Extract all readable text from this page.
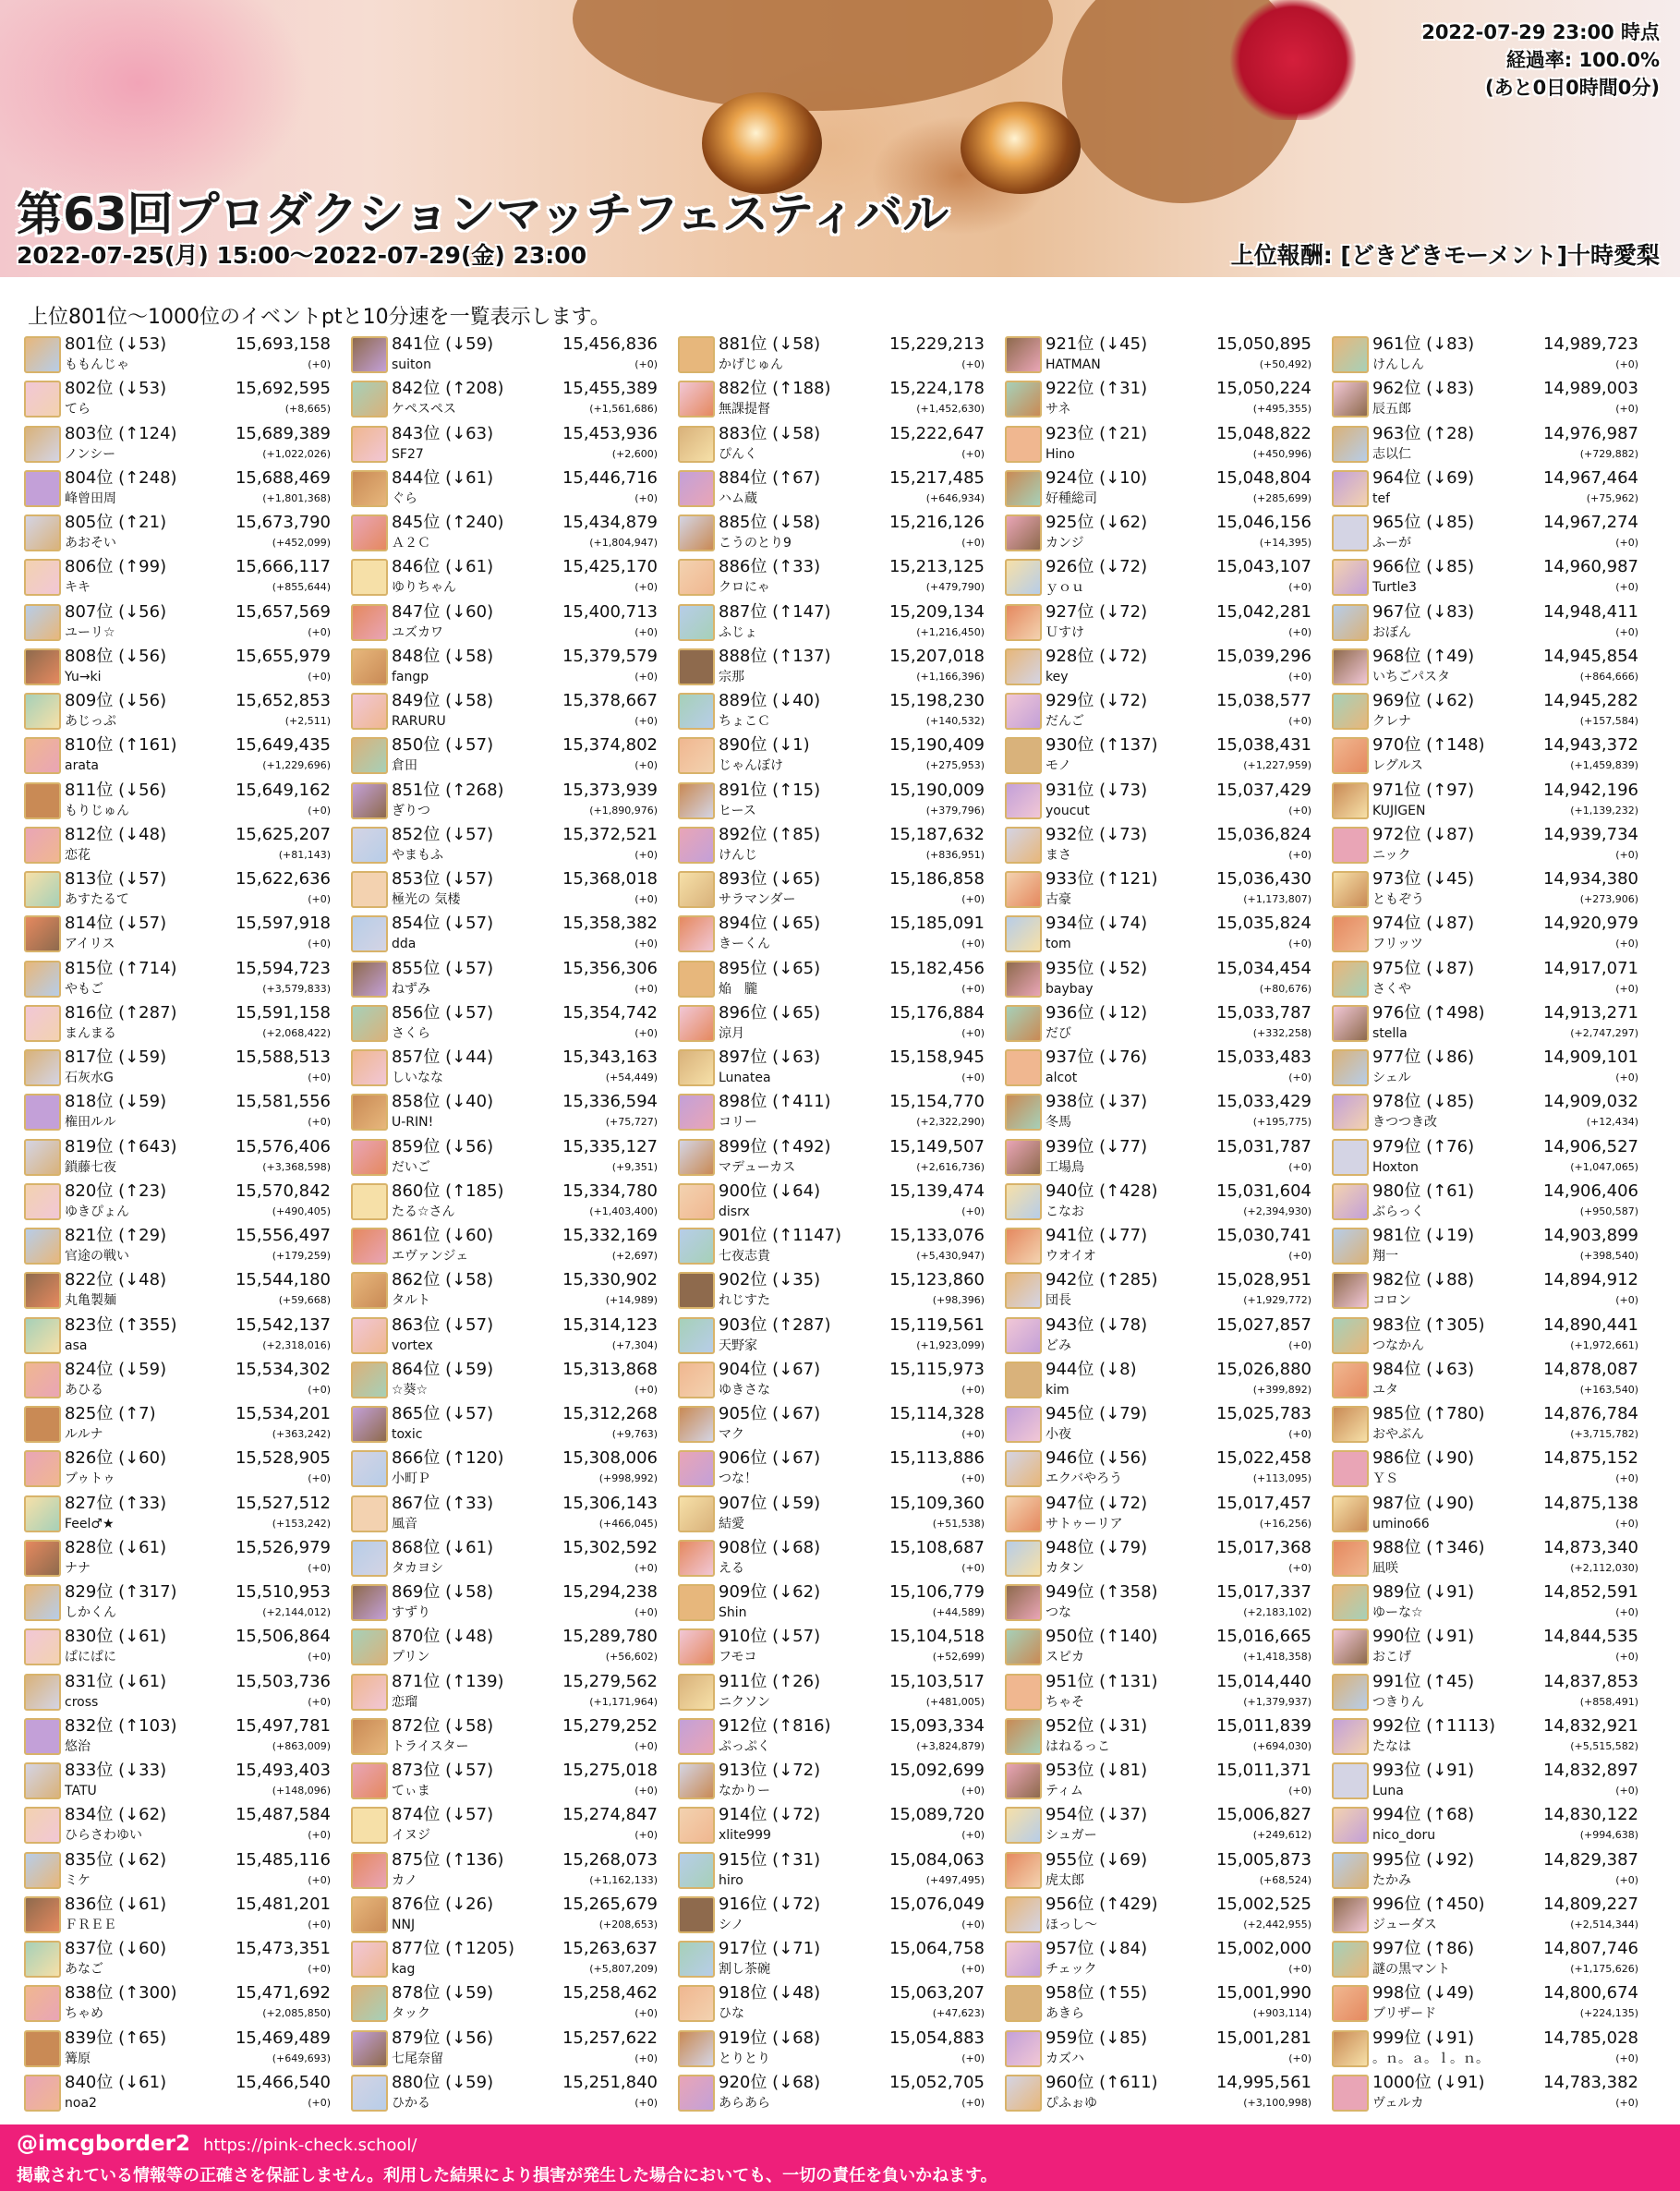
第63回プロダクションマッチフェスティバル
2022-07-25(月) 15:00〜2022-07-29(金) 23:00	上位報酬: [どきどきモーメント]十時愛梨
2022-07-29 23:00 時点
経過率: 100.0%
(あと0日0時間0分)
上位801位〜1000位のイベントptと10分速を一覧表示します。
801位 (↓53)
ももんじゃ
15,693,158
(+0)
802位 (↓53)
てら
15,692,595
(+8,665)
803位 (↑124)
ノンシー
15,689,389
(+1,022,026)
804位 (↑248)
峰曾田周
15,688,469
(+1,801,368)
805位 (↑21)
あおそい
15,673,790
(+452,099)
806位 (↑99)
キキ
15,666,117
(+855,644)
807位 (↓56)
ユーリ☆
15,657,569
(+0)
808位 (↓56)
Yu→ki
15,655,979
(+0)
809位 (↓56)
あじっぷ
15,652,853
(+2,511)
810位 (↑161)
arata
15,649,435
(+1,229,696)
811位 (↓56)
もりじゅん
15,649,162
(+0)
812位 (↓48)
恋花
15,625,207
(+81,143)
813位 (↓57)
あすたるて
15,622,636
(+0)
814位 (↓57)
アイリス
15,597,918
(+0)
815位 (↑714)
やもご
15,594,723
(+3,579,833)
816位 (↑287)
まんまる
15,591,158
(+2,068,422)
817位 (↓59)
石灰水G
15,588,513
(+0)
818位 (↓59)
権田ルル
15,581,556
(+0)
819位 (↑643)
鎖藤七夜
15,576,406
(+3,368,598)
820位 (↑23)
ゆきぴょん
15,570,842
(+490,405)
821位 (↑29)
官途の戦い
15,556,497
(+179,259)
822位 (↓48)
丸亀製麺
15,544,180
(+59,668)
823位 (↑355)
asa
15,542,137
(+2,318,016)
824位 (↓59)
あひる
15,534,302
(+0)
825位 (↑7)
ルルナ
15,534,201
(+363,242)
826位 (↓60)
ブゥトゥ
15,528,905
(+0)
827位 (↑33)
Feel♂★
15,527,512
(+153,242)
828位 (↓61)
ナナ
15,526,979
(+0)
829位 (↑317)
しかくん
15,510,953
(+2,144,012)
830位 (↓61)
ぱにぱに
15,506,864
(+0)
831位 (↓61)
cross
15,503,736
(+0)
832位 (↑103)
悠治
15,497,781
(+863,009)
833位 (↓33)
TATU
15,493,403
(+148,096)
834位 (↓62)
ひらさわゆい
15,487,584
(+0)
835位 (↓62)
ミケ
15,485,116
(+0)
836位 (↓61)
ＦＲＥＥ
15,481,201
(+0)
837位 (↓60)
あなご
15,473,351
(+0)
838位 (↑300)
ちゃめ
15,471,692
(+2,085,850)
839位 (↑65)
篝原
15,469,489
(+649,693)
840位 (↓61)
noa2
15,466,540
(+0)
841位 (↓59)
suiton
15,456,836
(+0)
842位 (↑208)
ケペスペス
15,455,389
(+1,561,686)
843位 (↓63)
SF27
15,453,936
(+2,600)
844位 (↓61)
ぐら
15,446,716
(+0)
845位 (↑240)
Ａ２Ｃ
15,434,879
(+1,804,947)
846位 (↓61)
ゆりちゃん
15,425,170
(+0)
847位 (↓60)
ユズカワ
15,400,713
(+0)
848位 (↓58)
fangp
15,379,579
(+0)
849位 (↓58)
RARURU
15,378,667
(+0)
850位 (↓57)
倉田
15,374,802
(+0)
851位 (↑268)
ぎりつ
15,373,939
(+1,890,976)
852位 (↓57)
やまもふ
15,372,521
(+0)
853位 (↓57)
極光の 気楼
15,368,018
(+0)
854位 (↓57)
dda
15,358,382
(+0)
855位 (↓57)
ねずみ
15,356,306
(+0)
856位 (↓57)
さくら
15,354,742
(+0)
857位 (↓44)
しいなな
15,343,163
(+54,449)
858位 (↓40)
U-RIN!
15,336,594
(+75,727)
859位 (↓56)
だいご
15,335,127
(+9,351)
860位 (↑185)
たる☆さん
15,334,780
(+1,403,400)
861位 (↓60)
エヴァンジェ
15,332,169
(+2,697)
862位 (↓58)
タルト
15,330,902
(+14,989)
863位 (↓57)
vortex
15,314,123
(+7,304)
864位 (↓59)
☆葵☆
15,313,868
(+0)
865位 (↓57)
toxic
15,312,268
(+9,763)
866位 (↑120)
小町Ｐ
15,308,006
(+998,992)
867位 (↑33)
風音
15,306,143
(+466,045)
868位 (↓61)
タカヨシ
15,302,592
(+0)
869位 (↓58)
すずり
15,294,238
(+0)
870位 (↓48)
プリン
15,289,780
(+56,602)
871位 (↑139)
恋瑠
15,279,562
(+1,171,964)
872位 (↓58)
トライスター
15,279,252
(+0)
873位 (↓57)
てぃま
15,275,018
(+0)
874位 (↓57)
イヌジ
15,274,847
(+0)
875位 (↑136)
カノ
15,268,073
(+1,162,133)
876位 (↓26)
NNJ
15,265,679
(+208,653)
877位 (↑1205)
kag
15,263,637
(+5,807,209)
878位 (↓59)
タック
15,258,462
(+0)
879位 (↓56)
七尾奈留
15,257,622
(+0)
880位 (↓59)
ひかる
15,251,840
(+0)
881位 (↓58)
かげじゅん
15,229,213
(+0)
882位 (↑188)
無課提督
15,224,178
(+1,452,630)
883位 (↓58)
ぴんく
15,222,647
(+0)
884位 (↑67)
ハム蔵
15,217,485
(+646,934)
885位 (↓58)
こうのとり9
15,216,126
(+0)
886位 (↑33)
クロにゃ
15,213,125
(+479,790)
887位 (↑147)
ふじょ
15,209,134
(+1,216,450)
888位 (↑137)
宗那
15,207,018
(+1,166,396)
889位 (↓40)
ちょこＣ
15,198,230
(+140,532)
890位 (↓1)
じゃんぼけ
15,190,409
(+275,953)
891位 (↑15)
ヒース
15,190,009
(+379,796)
892位 (↑85)
けんじ
15,187,632
(+836,951)
893位 (↓65)
サラマンダー
15,186,858
(+0)
894位 (↓65)
きーくん
15,185,091
(+0)
895位 (↓65)
焔　朧
15,182,456
(+0)
896位 (↓65)
涼月
15,176,884
(+0)
897位 (↓63)
Lunatea
15,158,945
(+0)
898位 (↑411)
コリー
15,154,770
(+2,322,290)
899位 (↑492)
マデューカス
15,149,507
(+2,616,736)
900位 (↓64)
disrx
15,139,474
(+0)
901位 (↑1147)
七夜志貴
15,133,076
(+5,430,947)
902位 (↓35)
れじすた
15,123,860
(+98,396)
903位 (↑287)
天野家
15,119,561
(+1,923,099)
904位 (↓67)
ゆきさな
15,115,973
(+0)
905位 (↓67)
マク
15,114,328
(+0)
906位 (↓67)
つな！
15,113,886
(+0)
907位 (↓59)
結愛
15,109,360
(+51,538)
908位 (↓68)
える
15,108,687
(+0)
909位 (↓62)
Shin
15,106,779
(+44,589)
910位 (↓57)
フモコ
15,104,518
(+52,699)
911位 (↑26)
ニクソン
15,103,517
(+481,005)
912位 (↑816)
ぷっぷく
15,093,334
(+3,824,879)
913位 (↓72)
なかりー
15,092,699
(+0)
914位 (↓72)
xlite999
15,089,720
(+0)
915位 (↑31)
hiro
15,084,063
(+497,495)
916位 (↓72)
シノ
15,076,049
(+0)
917位 (↓71)
割し茶碗
15,064,758
(+0)
918位 (↓48)
ひな
15,063,207
(+47,623)
919位 (↓68)
とりとり
15,054,883
(+0)
920位 (↓68)
あらあら
15,052,705
(+0)
921位 (↓45)
HATMAN
15,050,895
(+50,492)
922位 (↑31)
サネ
15,050,224
(+495,355)
923位 (↑21)
Hino
15,048,822
(+450,996)
924位 (↓10)
好種総司
15,048,804
(+285,699)
925位 (↓62)
カンジ
15,046,156
(+14,395)
926位 (↓72)
ｙｏｕ
15,043,107
(+0)
927位 (↓72)
Ｕすけ
15,042,281
(+0)
928位 (↓72)
key
15,039,296
(+0)
929位 (↓72)
だんご
15,038,577
(+0)
930位 (↑137)
モノ
15,038,431
(+1,227,959)
931位 (↓73)
youcut
15,037,429
(+0)
932位 (↓73)
まさ
15,036,824
(+0)
933位 (↑121)
古豪
15,036,430
(+1,173,807)
934位 (↓74)
tom
15,035,824
(+0)
935位 (↓52)
baybay
15,034,454
(+80,676)
936位 (↓12)
だび
15,033,787
(+332,258)
937位 (↓76)
alcot
15,033,483
(+0)
938位 (↓37)
冬馬
15,033,429
(+195,775)
939位 (↓77)
工場鳥
15,031,787
(+0)
940位 (↑428)
こなお
15,031,604
(+2,394,930)
941位 (↓77)
ウオイオ
15,030,741
(+0)
942位 (↑285)
団長
15,028,951
(+1,929,772)
943位 (↓78)
どみ
15,027,857
(+0)
944位 (↓8)
kim
15,026,880
(+399,892)
945位 (↓79)
小夜
15,025,783
(+0)
946位 (↓56)
エクバやろう
15,022,458
(+113,095)
947位 (↓72)
サトゥーリア
15,017,457
(+16,256)
948位 (↓79)
カタン
15,017,368
(+0)
949位 (↑358)
つな
15,017,337
(+2,183,102)
950位 (↑140)
スピカ
15,016,665
(+1,418,358)
951位 (↑131)
ちゃそ
15,014,440
(+1,379,937)
952位 (↓31)
はねるっこ
15,011,839
(+694,030)
953位 (↓81)
ティム
15,011,371
(+0)
954位 (↓37)
シュガー
15,006,827
(+249,612)
955位 (↓69)
虎太郎
15,005,873
(+68,524)
956位 (↑429)
ほっし〜
15,002,525
(+2,442,955)
957位 (↓84)
チェック
15,002,000
(+0)
958位 (↑55)
あきら
15,001,990
(+903,114)
959位 (↓85)
カズハ
15,001,281
(+0)
960位 (↑611)
ぴふぉゆ
14,995,561
(+3,100,998)
961位 (↓83)
けんしん
14,989,723
(+0)
962位 (↓83)
辰五郎
14,989,003
(+0)
963位 (↑28)
志以仁
14,976,987
(+729,882)
964位 (↓69)
tef
14,967,464
(+75,962)
965位 (↓85)
ふーが
14,967,274
(+0)
966位 (↓85)
Turtle3
14,960,987
(+0)
967位 (↓83)
おぼん
14,948,411
(+0)
968位 (↑49)
いちごパスタ
14,945,854
(+864,666)
969位 (↓62)
クレナ
14,945,282
(+157,584)
970位 (↑148)
レグルス
14,943,372
(+1,459,839)
971位 (↑97)
KUJIGEN
14,942,196
(+1,139,232)
972位 (↓87)
ニック
14,939,734
(+0)
973位 (↓45)
ともぞう
14,934,380
(+273,906)
974位 (↓87)
フリッツ
14,920,979
(+0)
975位 (↓87)
さくや
14,917,071
(+0)
976位 (↑498)
stella
14,913,271
(+2,747,297)
977位 (↓86)
シェル
14,909,101
(+0)
978位 (↓85)
きつつき改
14,909,032
(+12,434)
979位 (↑76)
Hoxton
14,906,527
(+1,047,065)
980位 (↑61)
ぶらっく
14,906,406
(+950,587)
981位 (↓19)
翔一
14,903,899
(+398,540)
982位 (↓88)
コロン
14,894,912
(+0)
983位 (↑305)
つなかん
14,890,441
(+1,972,661)
984位 (↓63)
ユタ
14,878,087
(+163,540)
985位 (↑780)
おやぶん
14,876,784
(+3,715,782)
986位 (↓90)
ＹＳ
14,875,152
(+0)
987位 (↓90)
umino66
14,875,138
(+0)
988位 (↑346)
凪咲
14,873,340
(+2,112,030)
989位 (↓91)
ゆーな☆
14,852,591
(+0)
990位 (↓91)
おこげ
14,844,535
(+0)
991位 (↑45)
つきりん
14,837,853
(+858,491)
992位 (↑1113)
たなは
14,832,921
(+5,515,582)
993位 (↓91)
Luna
14,832,897
(+0)
994位 (↑68)
nico_doru
14,830,122
(+994,638)
995位 (↓92)
たかみ
14,829,387
(+0)
996位 (↑450)
ジューダス
14,809,227
(+2,514,344)
997位 (↑86)
謎の黒マント
14,807,746
(+1,175,626)
998位 (↓49)
ブリザード
14,800,674
(+224,135)
999位 (↓91)
。ｎ。ａ。ｌ。ｎ。
14,785,028
(+0)
1000位 (↓91)
ヴェルカ
14,783,382
(+0)
@imcgborder2 https://pink-check.school/
掲載されている情報等の正確さを保証しません。利用した結果により損害が発生した場合においても、一切の責任を負いかねます。
